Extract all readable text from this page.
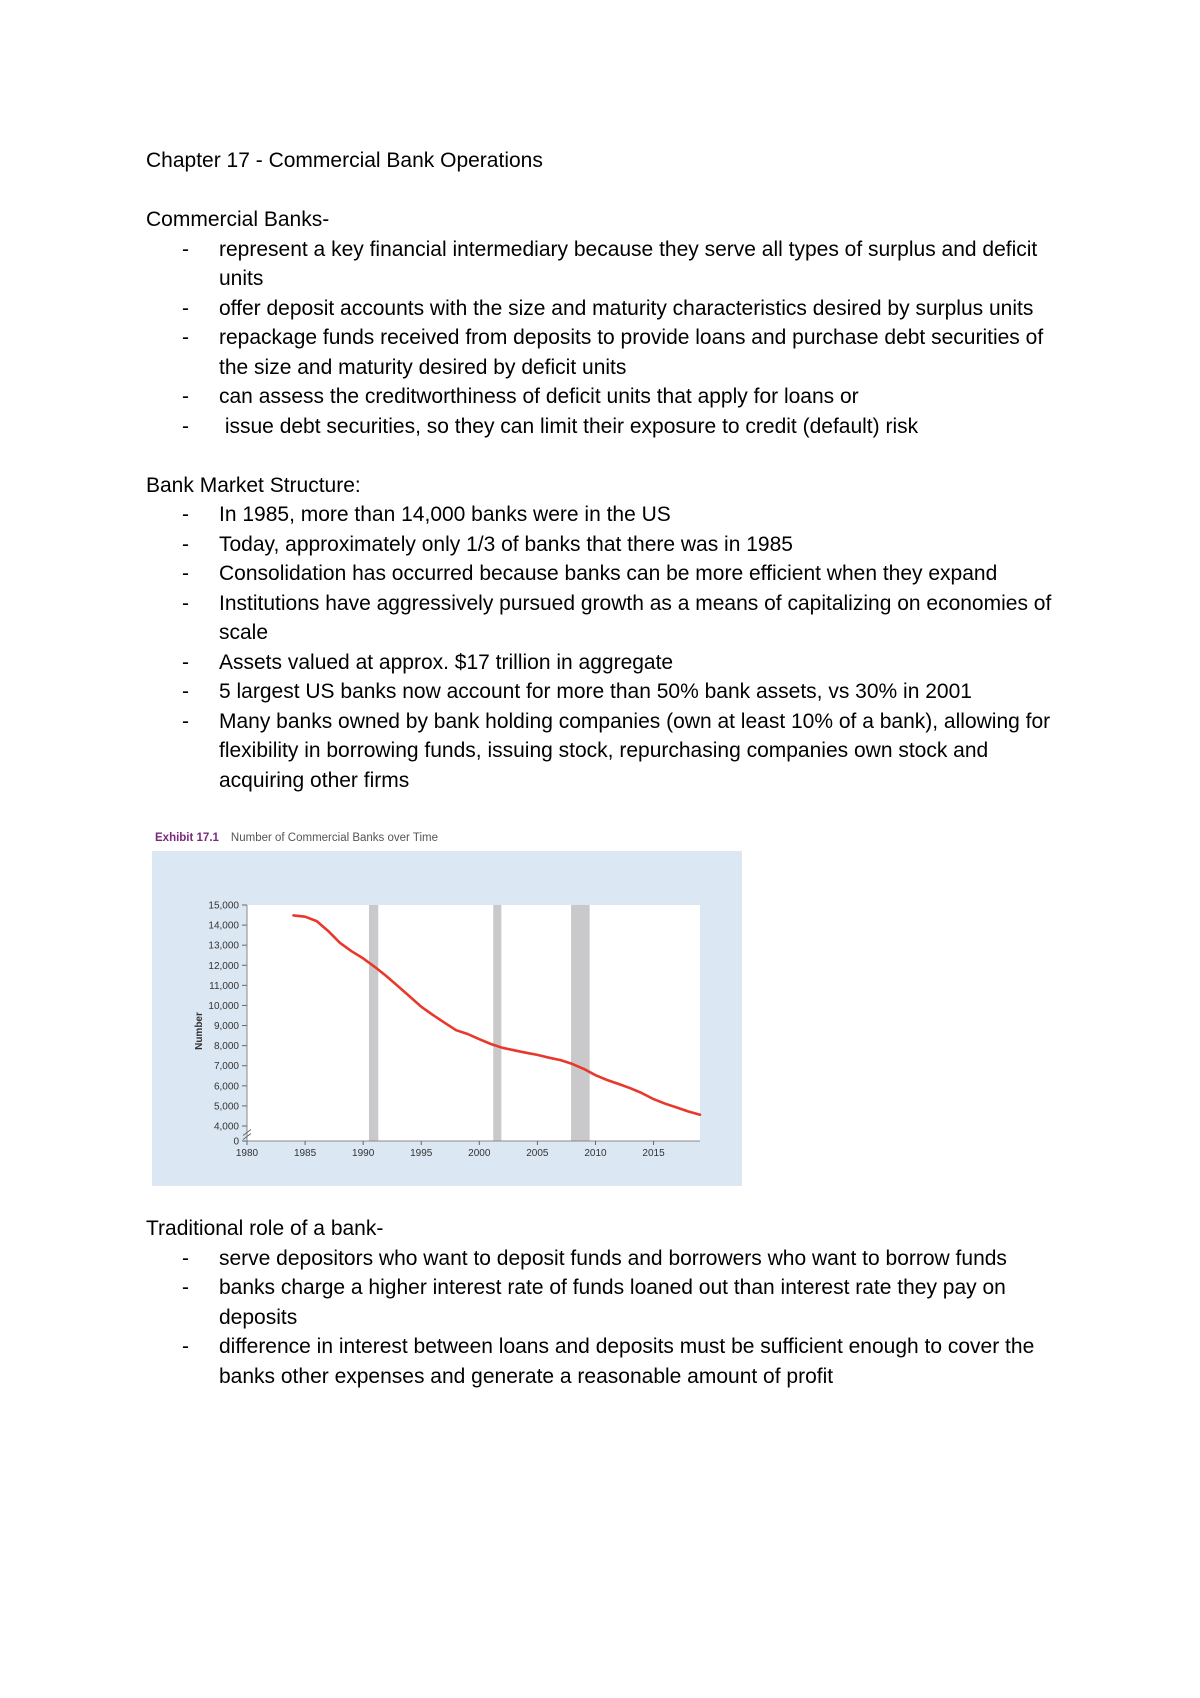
Chapter 17 - Commercial Bank Operations

Commercial Banks-

- represent a key financial intermediary because they serve all types of surplus and deficit units
- offer deposit accounts with the size and maturity characteristics desired by surplus units
- repackage funds received from deposits to provide loans and purchase debt securities of the size and maturity desired by deficit units
- can assess the creditworthiness of deficit units that apply for loans or
- issue debt securities, so they can limit their exposure to credit (default) risk

Bank Market Structure:

- In 1985, more than 14,000 banks were in the US
- Today, approximately only 1/3 of banks that there was in 1985
- Consolidation has occurred because banks can be more efficient when they expand
- Institutions have aggressively pursued growth as a means of capitalizing on economies of scale
- Assets valued at approx. $17 trillion in aggregate
- 5 largest US banks now account for more than 50% bank assets, vs 30% in 2001
- Many banks owned by bank holding companies (own at least 10% of a bank), allowing for flexibility in borrowing funds, issuing stock, repurchasing companies own stock and acquiring other firms
Exhibit 17.1 Number of Commercial Banks over Time
0
4,000
5,000
6,000
7,000
8,000
9,000
10,000
11,000
12,000
13,000
14,000
15,000
1980	1985	1990	1995	2000	2005	2010	2015
Number

Traditional role of a bank-

- serve depositors who want to deposit funds and borrowers who want to borrow funds
- banks charge a higher interest rate of funds loaned out than interest rate they pay on deposits
- difference in interest between loans and deposits must be sufficient enough to cover the banks other expenses and generate a reasonable amount of profit
